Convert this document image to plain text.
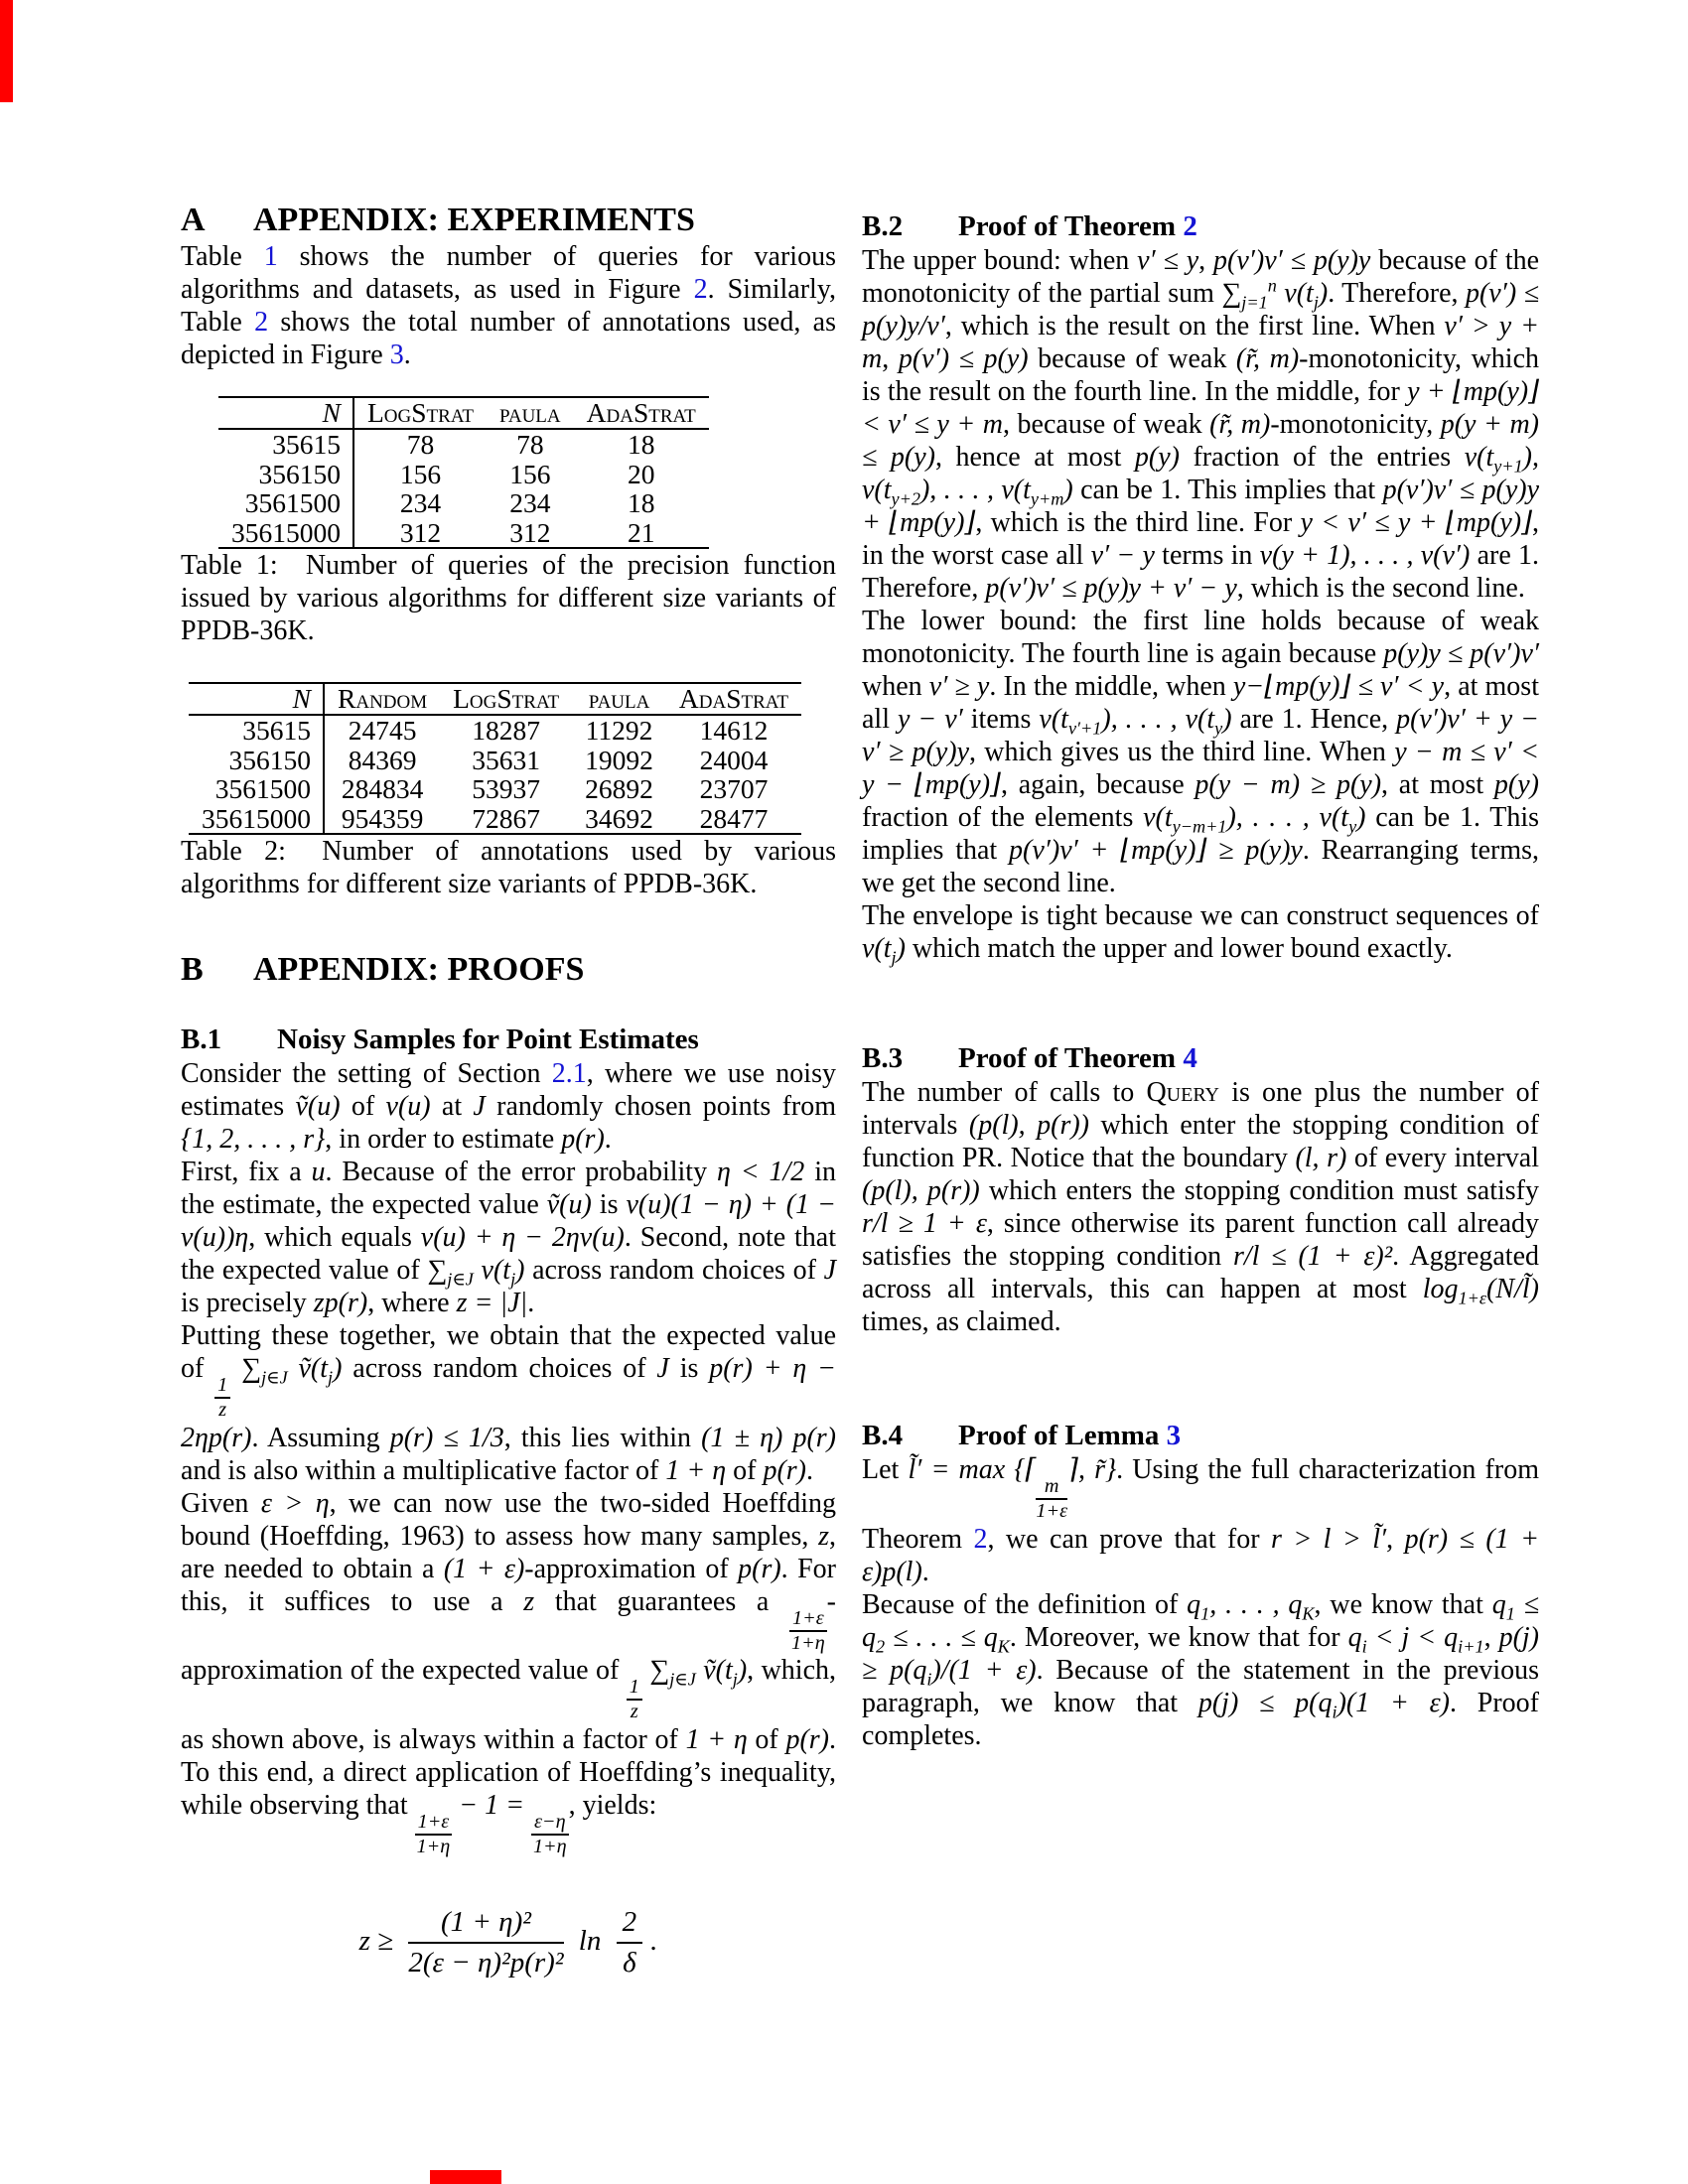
A	APPENDIX: EXPERIMENTS

Table 1 shows the number of queries for various algorithms and datasets, as used in Figure 2. Similarly, Table 2 shows the total number of annotations used, as depicted in Figure 3.

N	LogStrat	paula	AdaStrat
35615	78	78	18
356150	156	156	20
3561500	234	234	18
35615000	312	312	21

Table 1:  Number of queries of the precision function issued by various algorithms for different size variants of PPDB-36K.

N	Random	LogStrat	paula	AdaStrat
35615	24745	18287	11292	14612
356150	84369	35631	19092	24004
3561500	284834	53937	26892	23707
35615000	954359	72867	34692	28477

Table 2:  Number of annotations used by various algorithms for different size variants of PPDB-36K.

B	APPENDIX: PROOFS
B.1	Noisy Samples for Point Estimates

Consider the setting of Section 2.1, where we use noisy estimates ṽ(u) of v(u) at J randomly chosen points from {1, 2, . . . , r}, in order to estimate p(r).

First, fix a u. Because of the error probability η < 1/2 in the estimate, the expected value ṽ(u) is v(u)(1 − η) + (1 − v(u))η, which equals v(u) + η − 2ηv(u). Second, note that the expected value of $\sum_{j\in J}$ $v(t_j)$ across random choices of J is precisely zp(r), where z = |J|.

Putting these together, we obtain that the expected value of
$\frac{1}{z}$
$\sum_{j\in J}$ $ṽ(t_j)$ across random choices of J is p(r) + η − 2ηp(r). Assuming p(r) ≤ 1/3, this lies within (1 ± η) p(r) and is also within a multiplicative factor of 1 + η of p(r).

Given ε > η, we can now use the two-sided Hoeffding bound (Hoeffding, 1963) to assess how many samples, z, are needed to obtain a (1 + ε)-approximation of p(r). For this, it suffices to use a z that guarantees a
$\frac{1+\varepsilon}{1+\eta}$
-approximation of the expected value of
$\frac{1}{z}$
$\sum_{j\in J}$ $ṽ(t_j)$, which, as shown above, is always within a factor of 1 + η of p(r). To this end, a direct application of Hoeffding’s inequality, while observing that
$\frac{1+\varepsilon}{1+\eta}$
− 1 =
$\frac{\varepsilon-\eta}{1+\eta}$
, yields:

$z \ge \frac{\text{(1 + η)²}}{\text{2(ε − η)²p(r)²}}$ $\ln \frac{2}{\delta}$ .
B.2	Proof of Theorem 2

The upper bound: when v′ ≤ y, p(v′)v′ ≤ p(y)y because of the monotonicity of the partial sum $\sum_{j=1}^n$ $v(t_j)$. Therefore, p(v′) ≤ p(y)y/v′, which is the result on the first line. When v′ > y + m, p(v′) ≤ p(y) because of weak (r̃, m)-monotonicity, which is the result on the fourth line. In the middle, for y + ⌊mp(y)⌋ < v′ ≤ y + m, because of weak (r̃, m)-monotonicity, p(y + m) ≤ p(y), hence at most p(y) fraction of the entries $v(t_{y+1})$, $v(t_{y+2})$, . . . , $v(t_{y+m})$ can be 1. This implies that p(v′)v′ ≤ p(y)y + ⌊mp(y)⌋, which is the third line. For y < v′ ≤ y + ⌊mp(y)⌋, in the worst case all v′ − y terms in v(y + 1), . . . , v(v′) are 1. Therefore, p(v′)v′ ≤ p(y)y + v′ − y, which is the second line.

The lower bound: the first line holds because of weak monotonicity. The fourth line is again because p(y)y ≤ p(v′)v′ when v′ ≥ y. In the middle, when y−⌊mp(y)⌋ ≤ v′ < y, at most all y − v′ items $v(t_{v'+1})$, . . . , $v(t_y)$ are 1. Hence, p(v′)v′ + y − v′ ≥ p(y)y, which gives us the third line. When y − m ≤ v′ < y − ⌊mp(y)⌋, again, because p(y − m) ≥ p(y), at most p(y) fraction of the elements $v(t_{y-m+1})$, . . . , $v(t_y)$ can be 1. This implies that p(v′)v′ + ⌊mp(y)⌋ ≥ p(y)y. Rearranging terms, we get the second line.

The envelope is tight because we can construct sequences of $v(t_j)$ which match the upper and lower bound exactly.

B.3	Proof of Theorem 4

The number of calls to Query is one plus the number of intervals (p(l), p(r)) which enter the stopping condition of function PR. Notice that the boundary (l, r) of every interval (p(l), p(r)) which enters the stopping condition must satisfy r/l ≥ 1 + ε, since otherwise its parent function call already satisfies the stopping condition r/l ≤ (1 + ε)². Aggregated across all intervals, this can happen at most $\log_{1+\varepsilon}(N/l̃)$ times, as claimed.

B.4	Proof of Lemma 3

Let l̃′ = max {⌈
$\frac{m}{1+\varepsilon}$
⌉, r̃}. Using the full characterization from Theorem 2, we can prove that for r > l > l̃′, p(r) ≤ (1 + ε)p(l).

Because of the definition of $q_1$, . . . , $q_K$, we know that $q_1 \le q_2$ ≤ . . . ≤ $q_K$. Moreover, we know that for $q_i < j < q_{i+1}$, $p(j) \ge p(q_i)/(1 + \varepsilon)$. Because of the statement in the previous paragraph, we know that $p(j) \le p(q_i)(1 + \varepsilon)$. Proof completes.
